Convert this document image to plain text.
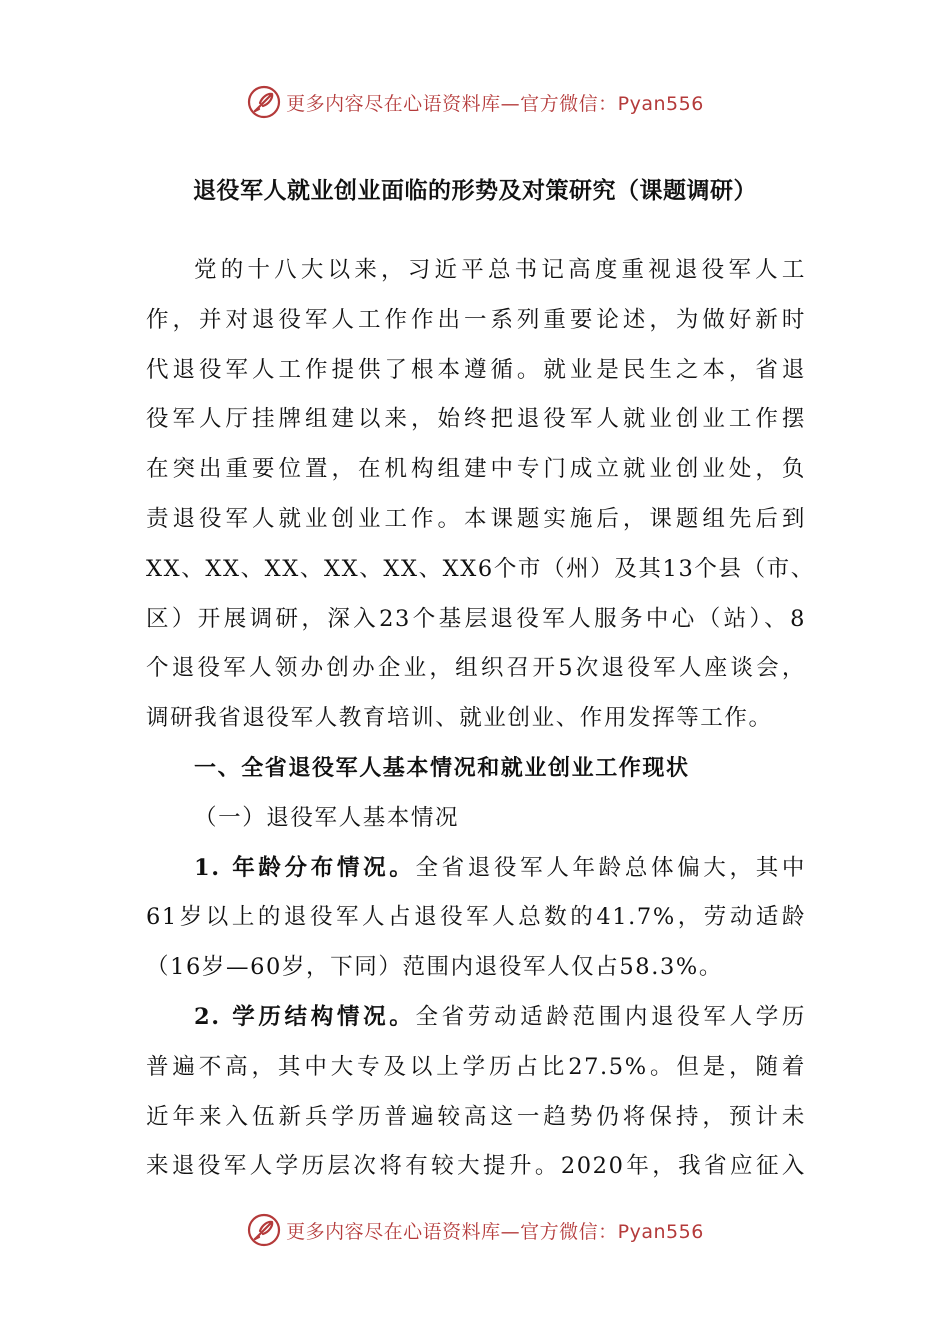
更多内容尽在心语资料库—官方微信：Pyan556
退役军人就业创业面临的形势及对策研究（课题调研）
党的十八大以来，习近平总书记高度重视退役军人工
作，并对退役军人工作作出一系列重要论述，为做好新时
代退役军人工作提供了根本遵循。就业是民生之本，省退
役军人厅挂牌组建以来，始终把退役军人就业创业工作摆
在突出重要位置，在机构组建中专门成立就业创业处，负
责退役军人就业创业工作。本课题实施后，课题组先后到
XX、XX、XX、XX、XX、XX6个市（州）及其13个县（市、
区）开展调研，深入23个基层退役军人服务中心（站）、8
个退役军人领办创办企业，组织召开5次退役军人座谈会，
调研我省退役军人教育培训、就业创业、作用发挥等工作。
一、全省退役军人基本情况和就业创业工作现状
（一）退役军人基本情况
1. 年龄分布情况。全省退役军人年龄总体偏大，其中
61岁以上的退役军人占退役军人总数的41.7%，劳动适龄
（16岁—60岁，下同）范围内退役军人仅占58.3%。
2. 学历结构情况。全省劳动适龄范围内退役军人学历
普遍不高，其中大专及以上学历占比27.5%。但是，随着
近年来入伍新兵学历普遍较高这一趋势仍将保持，预计未
来退役军人学历层次将有较大提升。2020年，我省应征入
更多内容尽在心语资料库—官方微信：Pyan556
